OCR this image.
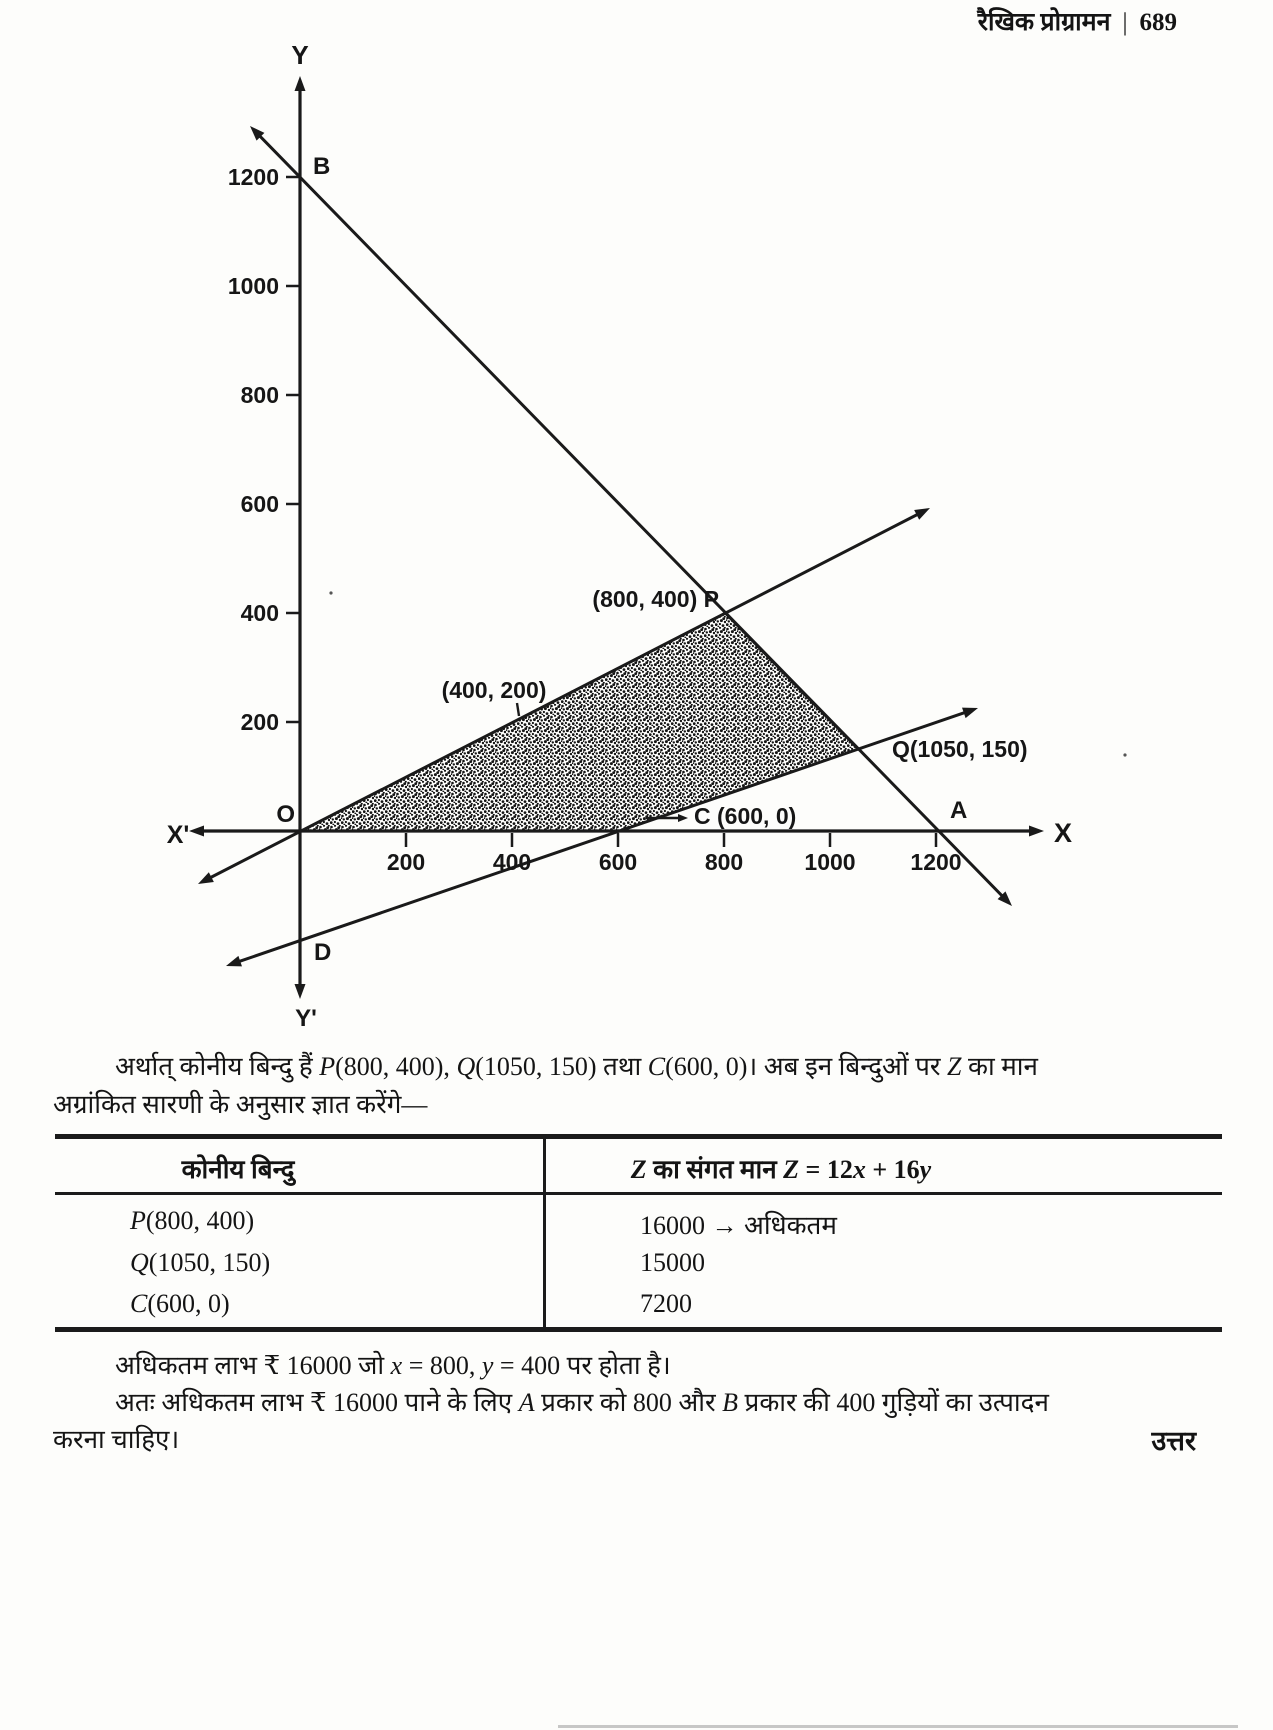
रैखिक प्रोग्रामन | 689
200
400
600
800
1000
1200
200	400	600	800	1000 1200
Y
Y'
X
X'
B
(800, 400) P
(400, 200)
Q(1050, 150)
C (600, 0)	A
D
O
अर्थात् कोनीय बिन्दु हैं P(800, 400), Q(1050, 150) तथा C(600, 0)। अब इन बिन्दुओं पर Z का मान
अग्रांकित सारणी के अनुसार ज्ञात करेंगे—
कोनीय बिन्दु	Z का संगत मान Z = 12x + 16y
P(800, 400)	16000 → अधिकतम
Q(1050, 150)	15000
C(600, 0)	7200
अधिकतम लाभ ₹ 16000 जो x = 800, y = 400 पर होता है।
अतः अधिकतम लाभ ₹ 16000 पाने के लिए A प्रकार को 800 और B प्रकार की 400 गुड़ियों का उत्पादन
करना चाहिए।	उत्तर
